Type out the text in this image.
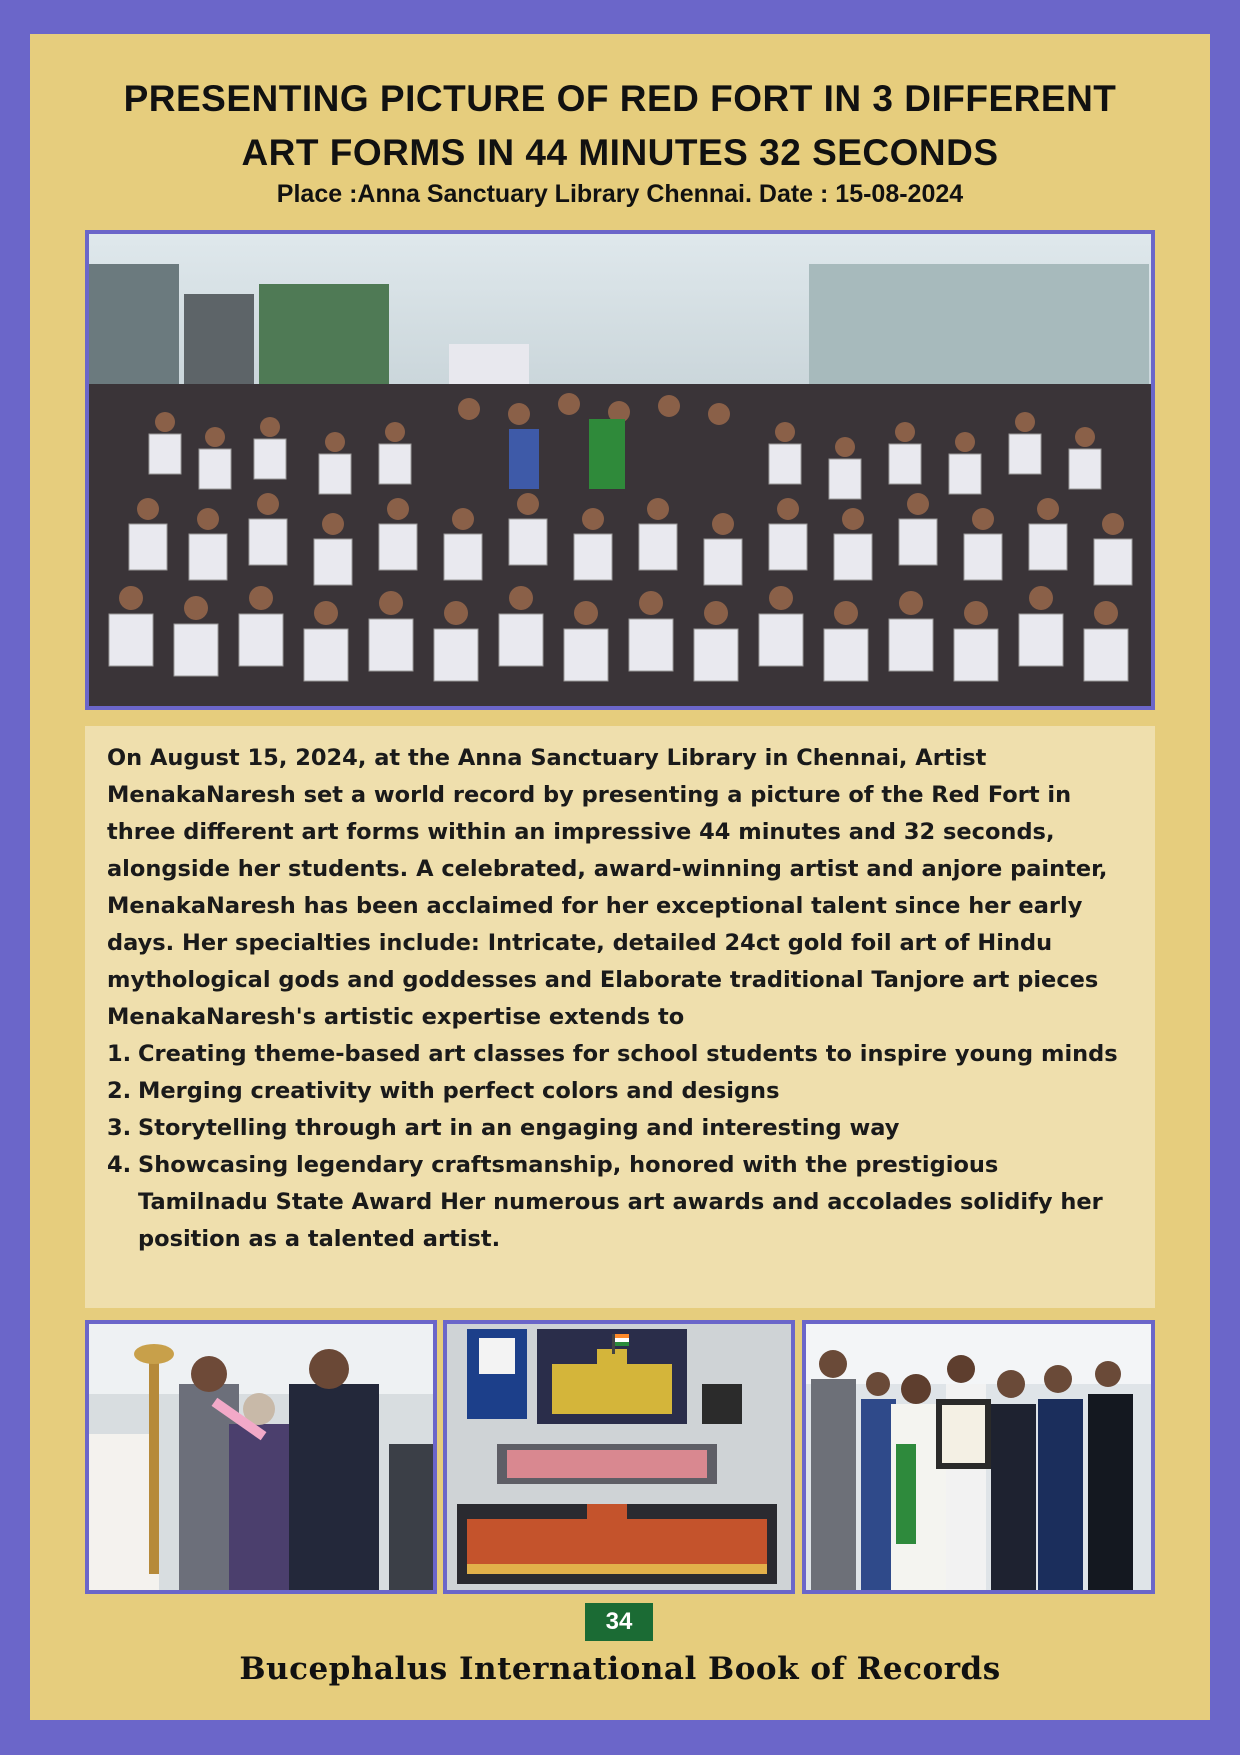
PRESENTING PICTURE OF RED FORT IN 3 DIFFERENT
ART FORMS IN 44 MINUTES 32 SECONDS
Place :Anna Sanctuary Library Chennai. Date : 15-08-2024

On August 15, 2024, at the Anna Sanctuary Library in Chennai, Artist MenakaNaresh set a world record by presenting a picture of the Red Fort in three different art forms within an impressive 44 minutes and 32 seconds, alongside her students. A celebrated, award-winning artist and anjore painter, MenakaNaresh has been acclaimed for her exceptional talent since her early days. Her specialties include: Intricate, detailed 24ct gold foil art of Hindu mythological gods and goddesses and Elaborate traditional Tanjore art pieces MenakaNaresh's artistic expertise extends to

1. Creating theme-based art classes for school students to inspire young minds
2. Merging creativity with perfect colors and designs
3. Storytelling through art in an engaging and interesting way
4. Showcasing legendary craftsmanship, honored with the prestigious Tamilnadu State Award Her numerous art awards and accolades solidify her position as a talented artist.
34
Bucephalus International Book of Records
